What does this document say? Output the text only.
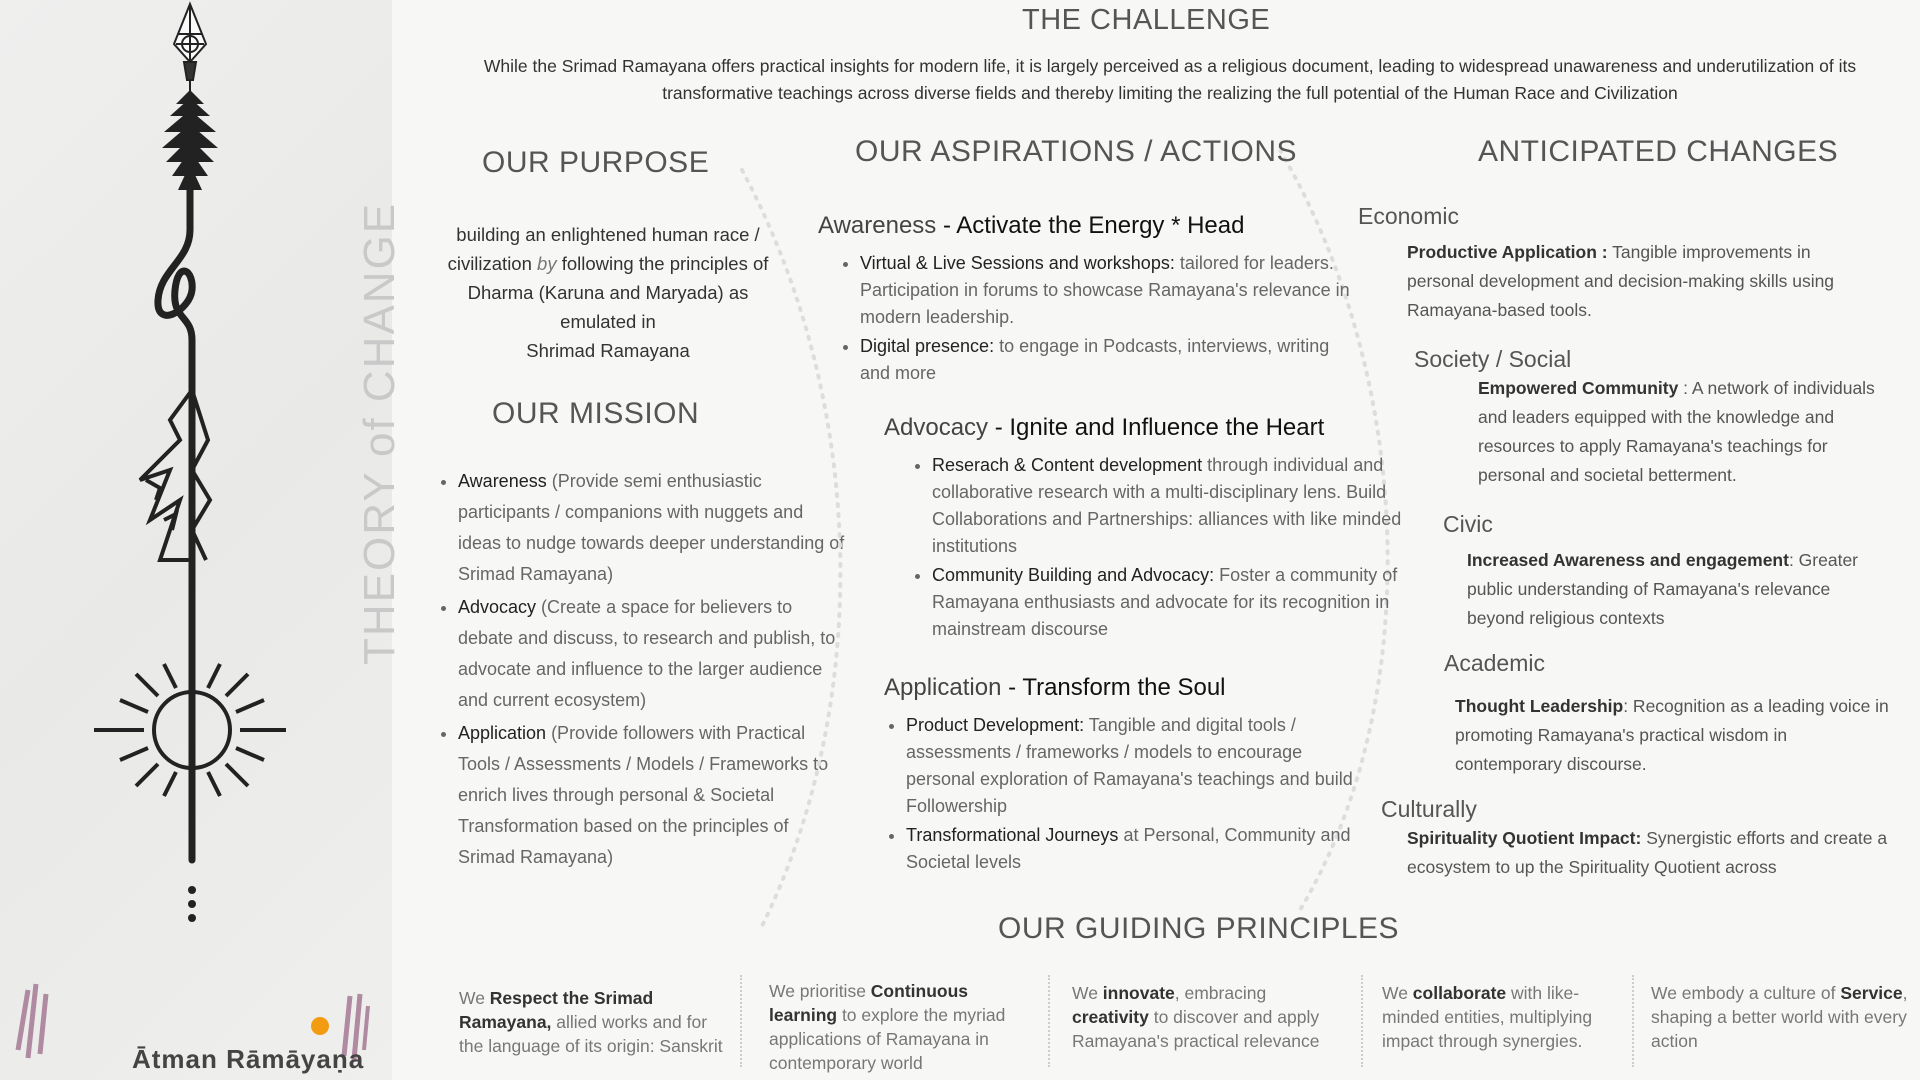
THEORY of CHANGE
Ātman Rāmāyaṇa
THE CHALLENGE
While the Srimad Ramayana offers practical insights for modern life, it is largely perceived as a religious document, leading to widespread unawareness and underutilization of its transformative teachings across diverse fields and thereby limiting the realizing the full potential of the Human Race and Civilization
OUR PURPOSE
building an enlightened human race / civilization by following the principles of Dharma (Karuna and Maryada) as emulated in
Shrimad Ramayana
OUR MISSION
• Awareness (Provide semi enthusiastic participants / companions with nuggets and ideas to nudge towards deeper understanding of Srimad Ramayana)
• Advocacy (Create a space for believers to debate and discuss, to research and publish, to advocate and influence to the larger audience and current ecosystem)
• Application (Provide followers with Practical Tools / Assessments / Models / Frameworks to enrich lives through personal & Societal Transformation based on the principles of Srimad Ramayana)
OUR ASPIRATIONS / ACTIONS
Awareness - Activate the Energy * Head
• Virtual & Live Sessions and workshops: tailored for leaders. Participation in forums to showcase Ramayana's relevance in modern leadership.
• Digital presence: to engage in Podcasts, interviews, writing and more
Advocacy - Ignite and Influence the Heart
• Reserach & Content development through individual and collaborative research with a multi-disciplinary lens. Build Collaborations and Partnerships: alliances with like minded institutions
• Community Building and Advocacy: Foster a community of Ramayana enthusiasts and advocate for its recognition in mainstream discourse
Application - Transform the Soul
• Product Development: Tangible and digital tools / assessments / frameworks / models to encourage personal exploration of Ramayana's teachings and build Followership
• Transformational Journeys at Personal, Community and Societal levels
ANTICIPATED CHANGES
Economic
Productive Application : Tangible improvements in personal development and decision-making skills using Ramayana-based tools.
Society / Social
Empowered Community : A network of individuals and leaders equipped with the knowledge and resources to apply Ramayana's teachings for personal and societal betterment.
Civic
Increased Awareness and engagement: Greater public understanding of Ramayana's relevance beyond religious contexts
Academic
Thought Leadership: Recognition as a leading voice in promoting Ramayana's practical wisdom in contemporary discourse.
Culturally
Spirituality Quotient Impact: Synergistic efforts and create a ecosystem to up the Spirituality Quotient across
OUR GUIDING PRINCIPLES
We Respect the Srimad Ramayana, allied works and for the language of its origin: Sanskrit
We prioritise Continuous learning to explore the myriad applications of Ramayana in contemporary world
We innovate, embracing creativity to discover and apply Ramayana's practical relevance
We collaborate with like-minded entities, multiplying impact through synergies.
We embody a culture of Service, shaping a better world with every action
